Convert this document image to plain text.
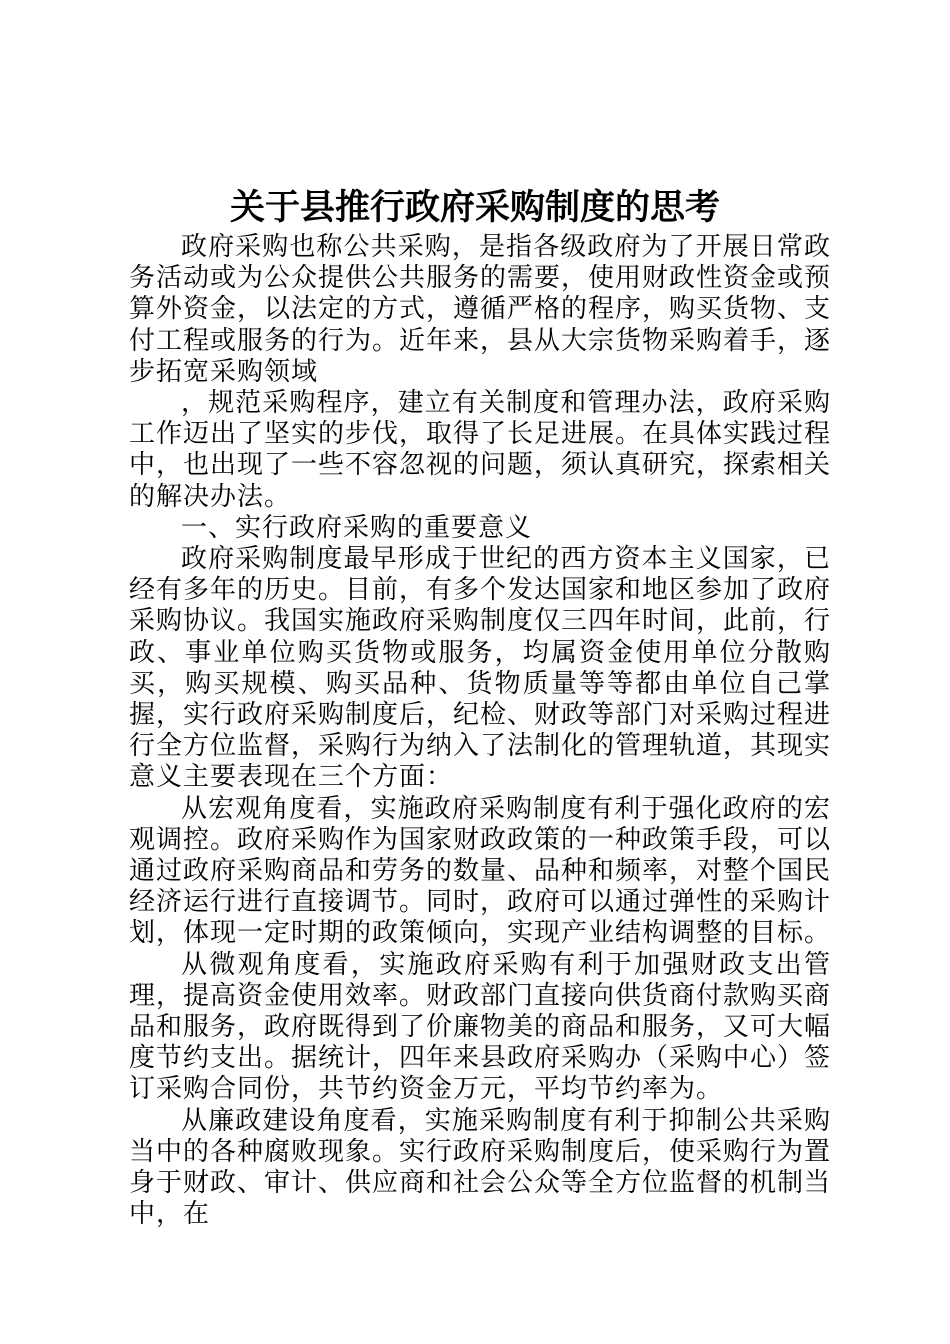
关于县推行政府采购制度的思考

政府采购也称公共采购，是指各级政府为了开展日常政务活动或为公众提供公共服务的需要，使用财政性资金或预算外资金，以法定的方式，遵循严格的程序，购买货物、支付工程或服务的行为。近年来，县从大宗货物采购着手，逐步拓宽采购领域

，规范采购程序，建立有关制度和管理办法，政府采购工作迈出了坚实的步伐，取得了长足进展。在具体实践过程中，也出现了一些不容忽视的问题，须认真研究，探索相关的解决办法。

一、实行政府采购的重要意义

政府采购制度最早形成于世纪的西方资本主义国家，已经有多年的历史。目前，有多个发达国家和地区参加了政府采购协议。我国实施政府采购制度仅三四年时间，此前，行政、事业单位购买货物或服务，均属资金使用单位分散购买，购买规模、购买品种、货物质量等等都由单位自己掌握，实行政府采购制度后，纪检、财政等部门对采购过程进行全方位监督，采购行为纳入了法制化的管理轨道，其现实意义主要表现在三个方面：

从宏观角度看，实施政府采购制度有利于强化政府的宏观调控。政府采购作为国家财政政策的一种政策手段，可以通过政府采购商品和劳务的数量、品种和频率，对整个国民经济运行进行直接调节。同时，政府可以通过弹性的采购计划，体现一定时期的政策倾向，实现产业结构调整的目标。

从微观角度看，实施政府采购有利于加强财政支出管理，提高资金使用效率。财政部门直接向供货商付款购买商品和服务，政府既得到了价廉物美的商品和服务，又可大幅度节约支出。据统计，四年来县政府采购办（采购中心）签订采购合同份，共节约资金万元，平均节约率为。

从廉政建设角度看，实施采购制度有利于抑制公共采购当中的各种腐败现象。实行政府采购制度后，使采购行为置身于财政、审计、供应商和社会公众等全方位监督的机制当中，在
